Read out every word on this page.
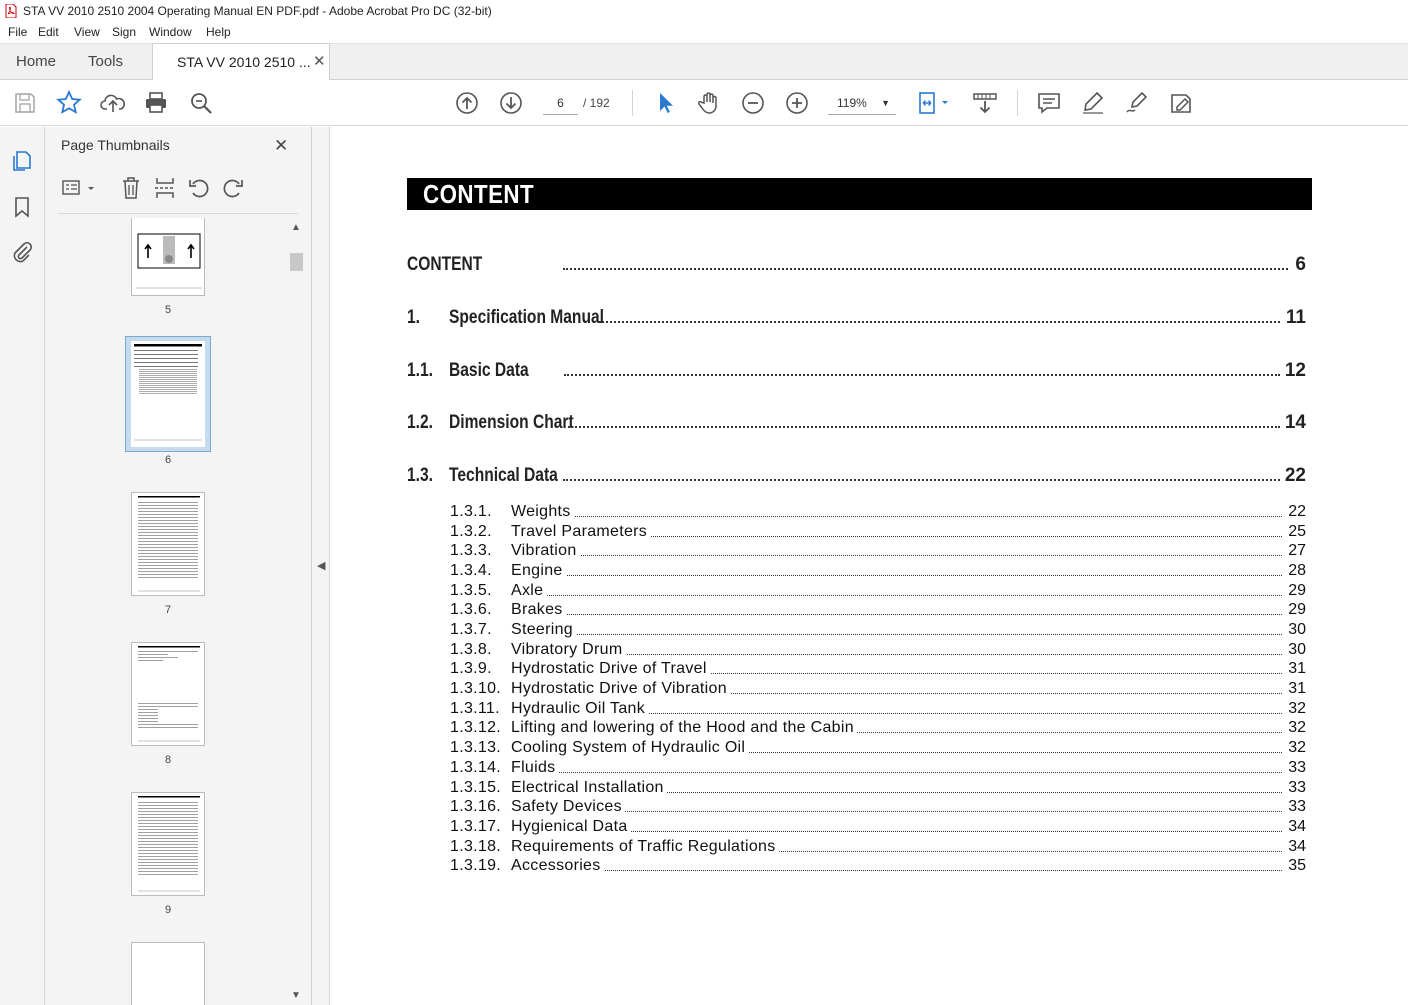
STA VV 2010 2510 2004 Operating Manual EN PDF.pdf - Adobe Acrobat Pro DC (32-bit)
File Edit View Sign Window Help
Home Tools	STA VV 2010 2510 ... ✕
6	/ 192	119% ▼
Page Thumbnails	✕
5
6
7
8
9
▲
▼
◀
CONTENT
CONTENT	6
1. Specification Manual	11
1.1. Basic Data	12
1.2. Dimension Chart	14
1.3. Technical Data	22
1.3.1. Weights	22
1.3.2. Travel Parameters	25
1.3.3. Vibration	27
1.3.4. Engine	28
1.3.5. Axle	29
1.3.6. Brakes	29
1.3.7. Steering	30
1.3.8. Vibratory Drum	30
1.3.9. Hydrostatic Drive of Travel	31
1.3.10. Hydrostatic Drive of Vibration	31
1.3.11. Hydraulic Oil Tank	32
1.3.12. Lifting and lowering of the Hood and the Cabin	32
1.3.13. Cooling System of Hydraulic Oil	32
1.3.14. Fluids	33
1.3.15. Electrical Installation	33
1.3.16. Safety Devices	33
1.3.17. Hygienical Data	34
1.3.18. Requirements of Traffic Regulations	34
1.3.19. Accessories	35
